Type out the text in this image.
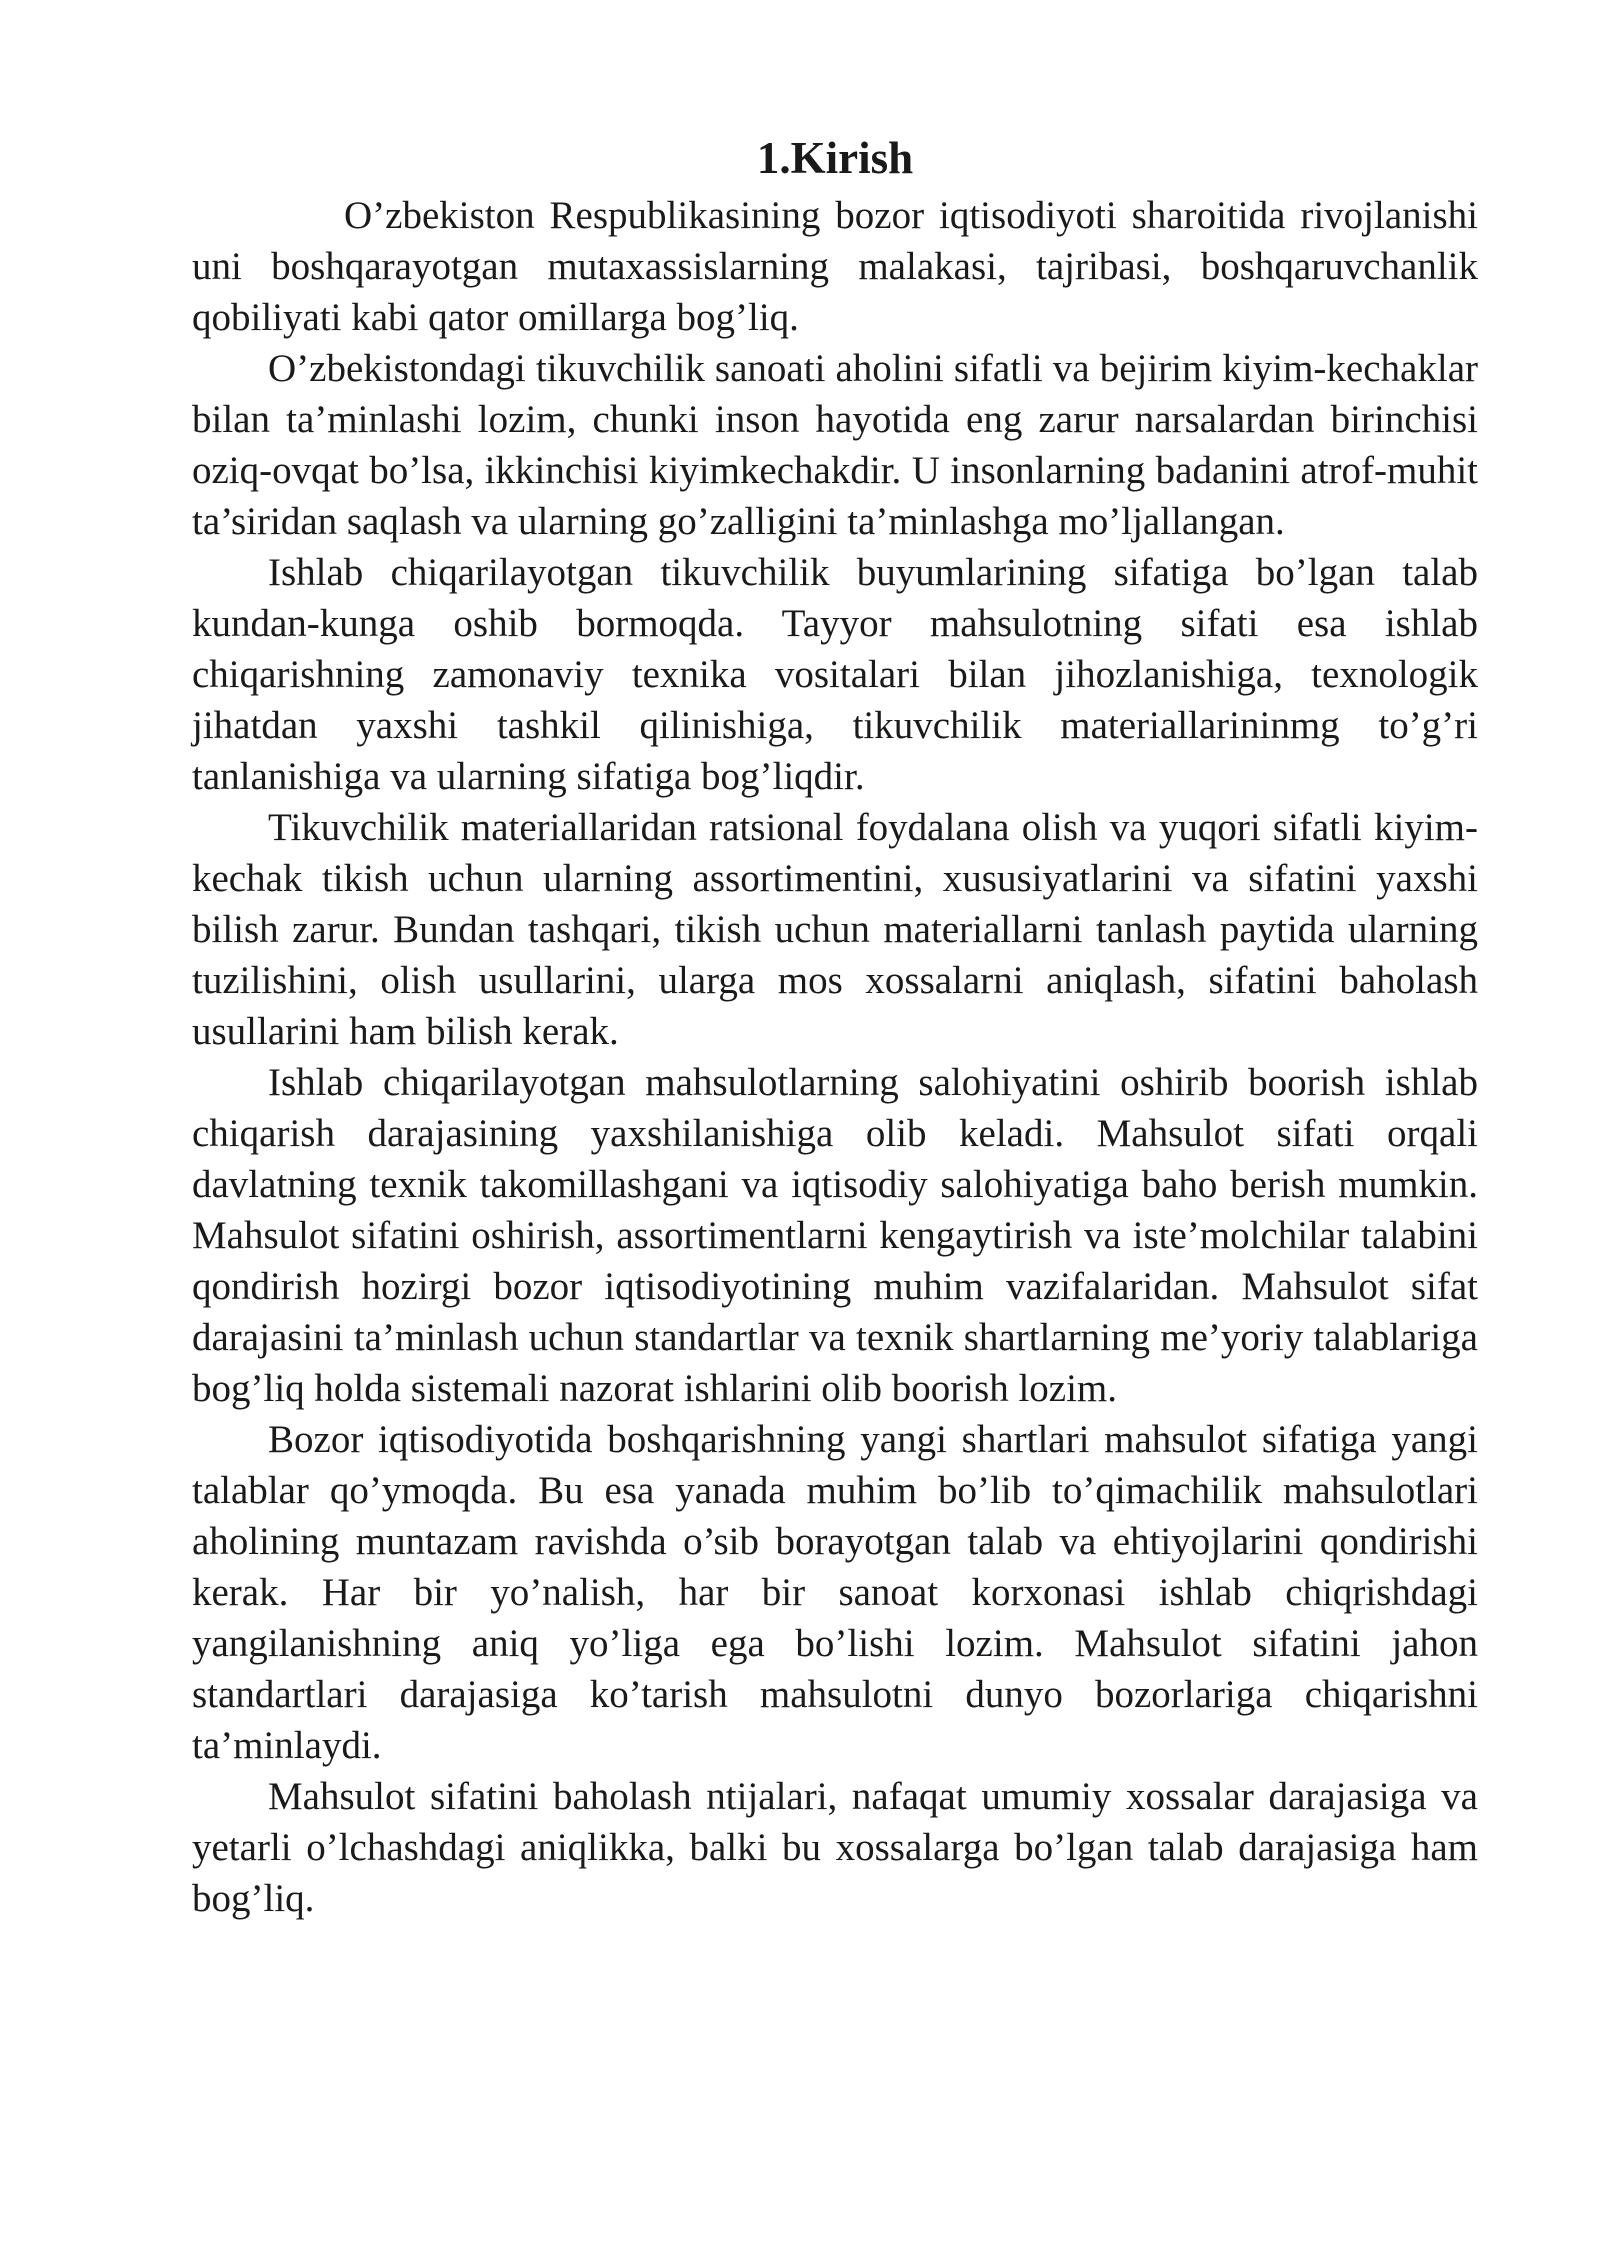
1.Kirish

O’zbekiston Respublikasining bozor iqtisodiyoti sharoitida rivojlanishi uni boshqarayotgan mutaxassislarning malakasi, tajribasi, boshqaruvchanlik qobiliyati kabi qator omillarga bog’liq.

O’zbekistondagi tikuvchilik sanoati aholini sifatli va bejirim kiyim-kechaklar bilan ta’minlashi lozim, chunki inson hayotida eng zarur narsalardan birinchisi oziq-ovqat bo’lsa, ikkinchisi kiyimkechakdir. U insonlarning badanini atrof-muhit ta’siridan saqlash va ularning go’zalligini ta’minlashga mo’ljallangan.

Ishlab chiqarilayotgan tikuvchilik buyumlarining sifatiga bo’lgan talab kundan-kunga oshib bormoqda. Tayyor mahsulotning sifati esa ishlab chiqarishning zamonaviy texnika vositalari bilan jihozlanishiga, texnologik jihatdan yaxshi tashkil qilinishiga, tikuvchilik materiallarininmg to’g’ri tanlanishiga va ularning sifatiga bog’liqdir.

Tikuvchilik materiallaridan ratsional foydalana olish va yuqori sifatli kiyim-kechak tikish uchun ularning assortimentini, xususiyatlarini va sifatini yaxshi bilish zarur. Bundan tashqari, tikish uchun materiallarni tanlash paytida ularning tuzilishini, olish usullarini, ularga mos xossalarni aniqlash, sifatini baholash usullarini ham bilish kerak.

Ishlab chiqarilayotgan mahsulotlarning salohiyatini oshirib boorish ishlab chiqarish darajasining yaxshilanishiga olib keladi. Mahsulot sifati orqali davlatning texnik takomillashgani va iqtisodiy salohiyatiga baho berish mumkin. Mahsulot sifatini oshirish, assortimentlarni kengaytirish va iste’molchilar talabini qondirish hozirgi bozor iqtisodiyotining muhim vazifalaridan. Mahsulot sifat darajasini ta’minlash uchun standartlar va texnik shartlarning me’yoriy talablariga bog’liq holda sistemali nazorat ishlarini olib boorish lozim.

Bozor iqtisodiyotida boshqarishning yangi shartlari mahsulot sifatiga yangi talablar qo’ymoqda. Bu esa yanada muhim bo’lib to’qimachilik mahsulotlari aholining muntazam ravishda o’sib borayotgan talab va ehtiyojlarini qondirishi kerak. Har bir yo’nalish, har bir sanoat korxonasi ishlab chiqrishdagi yangilanishning aniq yo’liga ega bo’lishi lozim. Mahsulot sifatini jahon standartlari darajasiga ko’tarish mahsulotni dunyo bozorlariga chiqarishni ta’minlaydi.

Mahsulot sifatini baholash ntijalari, nafaqat umumiy xossalar darajasiga va yetarli o’lchashdagi aniqlikka, balki bu xossalarga bo’lgan talab darajasiga ham bog’liq.
